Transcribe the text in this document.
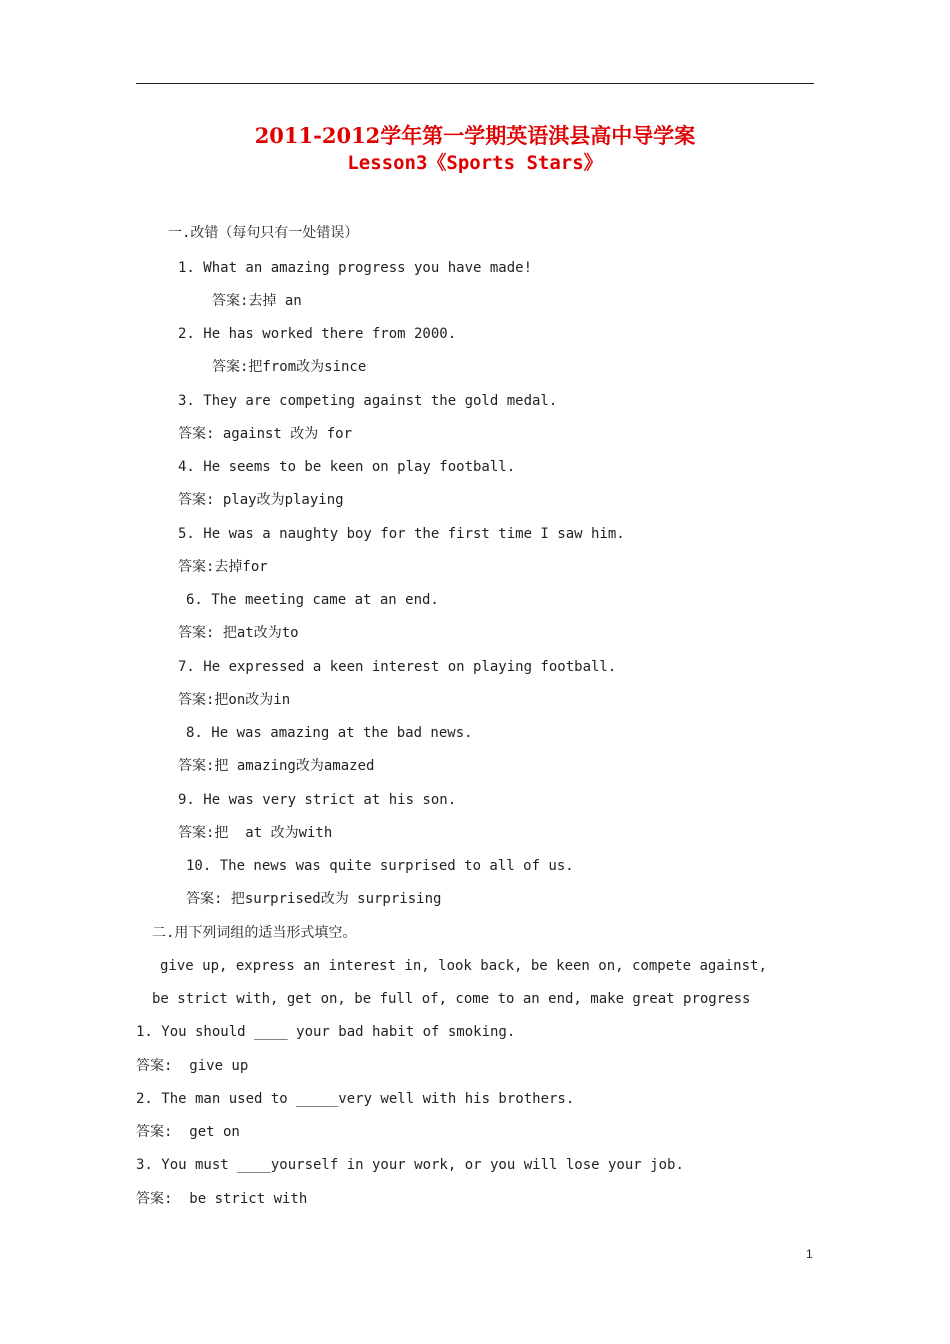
2011-2012学年第一学期英语淇县高中导学案
Lesson3《Sports Stars》
一.改错（每句只有一处错误）
1. What an amazing progress you have made!
答案:去掉 an
2. He has worked there from 2000.
答案:把from改为since
3. They are competing against the gold medal.
答案: against 改为 for
4. He seems to be keen on play football.
答案: play改为playing
5. He was a naughty boy for the first time I saw him.
答案:去掉for
6. The meeting came at an end.
答案: 把at改为to
7. He expressed a keen interest on playing football.
答案:把on改为in
8. He was amazing at the bad news.
答案:把 amazing改为amazed
9. He was very strict at his son.
答案:把  at 改为with
10. The news was quite surprised to all of us.
答案: 把surprised改为 surprising
二.用下列词组的适当形式填空。
give up, express an interest in, look back, be keen on, compete against,
be strict with, get on, be full of, come to an end, make great progress
1. You should ____ your bad habit of smoking.
答案:  give up
2. The man used to _____very well with his brothers.
答案:  get on
3. You must ____yourself in your work, or you will lose your job.
答案:  be strict with
1
